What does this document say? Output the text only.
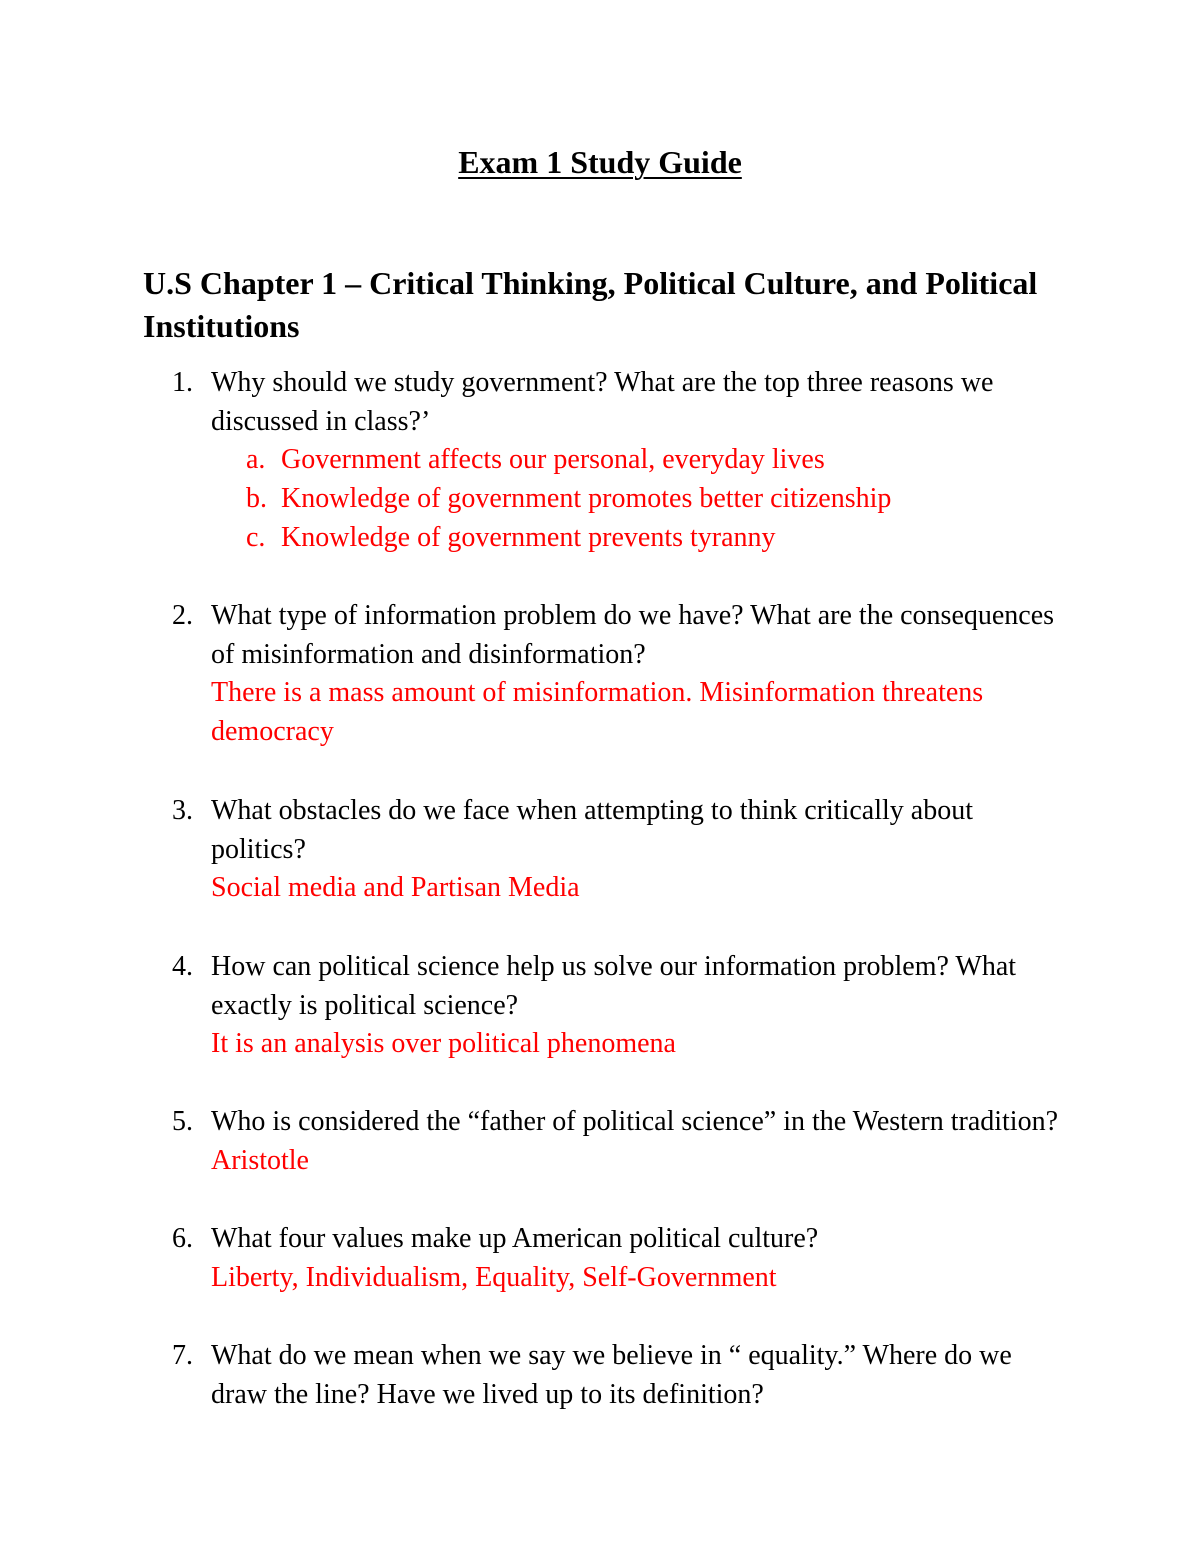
Exam 1 Study Guide
U.S Chapter 1 – Critical Thinking, Political Culture, and Political Institutions
1. Why should we study government? What are the top three reasons we discussed in class?’
a. Government affects our personal, everyday lives
b. Knowledge of government promotes better citizenship
c. Knowledge of government prevents tyranny
2. What type of information problem do we have? What are the consequences of misinformation and disinformation?
There is a mass amount of misinformation. Misinformation threatens democracy
3. What obstacles do we face when attempting to think critically about politics?
Social media and Partisan Media
4. How can political science help us solve our information problem? What exactly is political science?
It is an analysis over political phenomena
5. Who is considered the “father of political science” in the Western tradition?
Aristotle
6. What four values make up American political culture?
Liberty, Individualism, Equality, Self-Government
7. What do we mean when we say we believe in “ equality.” Where do we draw the line? Have we lived up to its definition?
